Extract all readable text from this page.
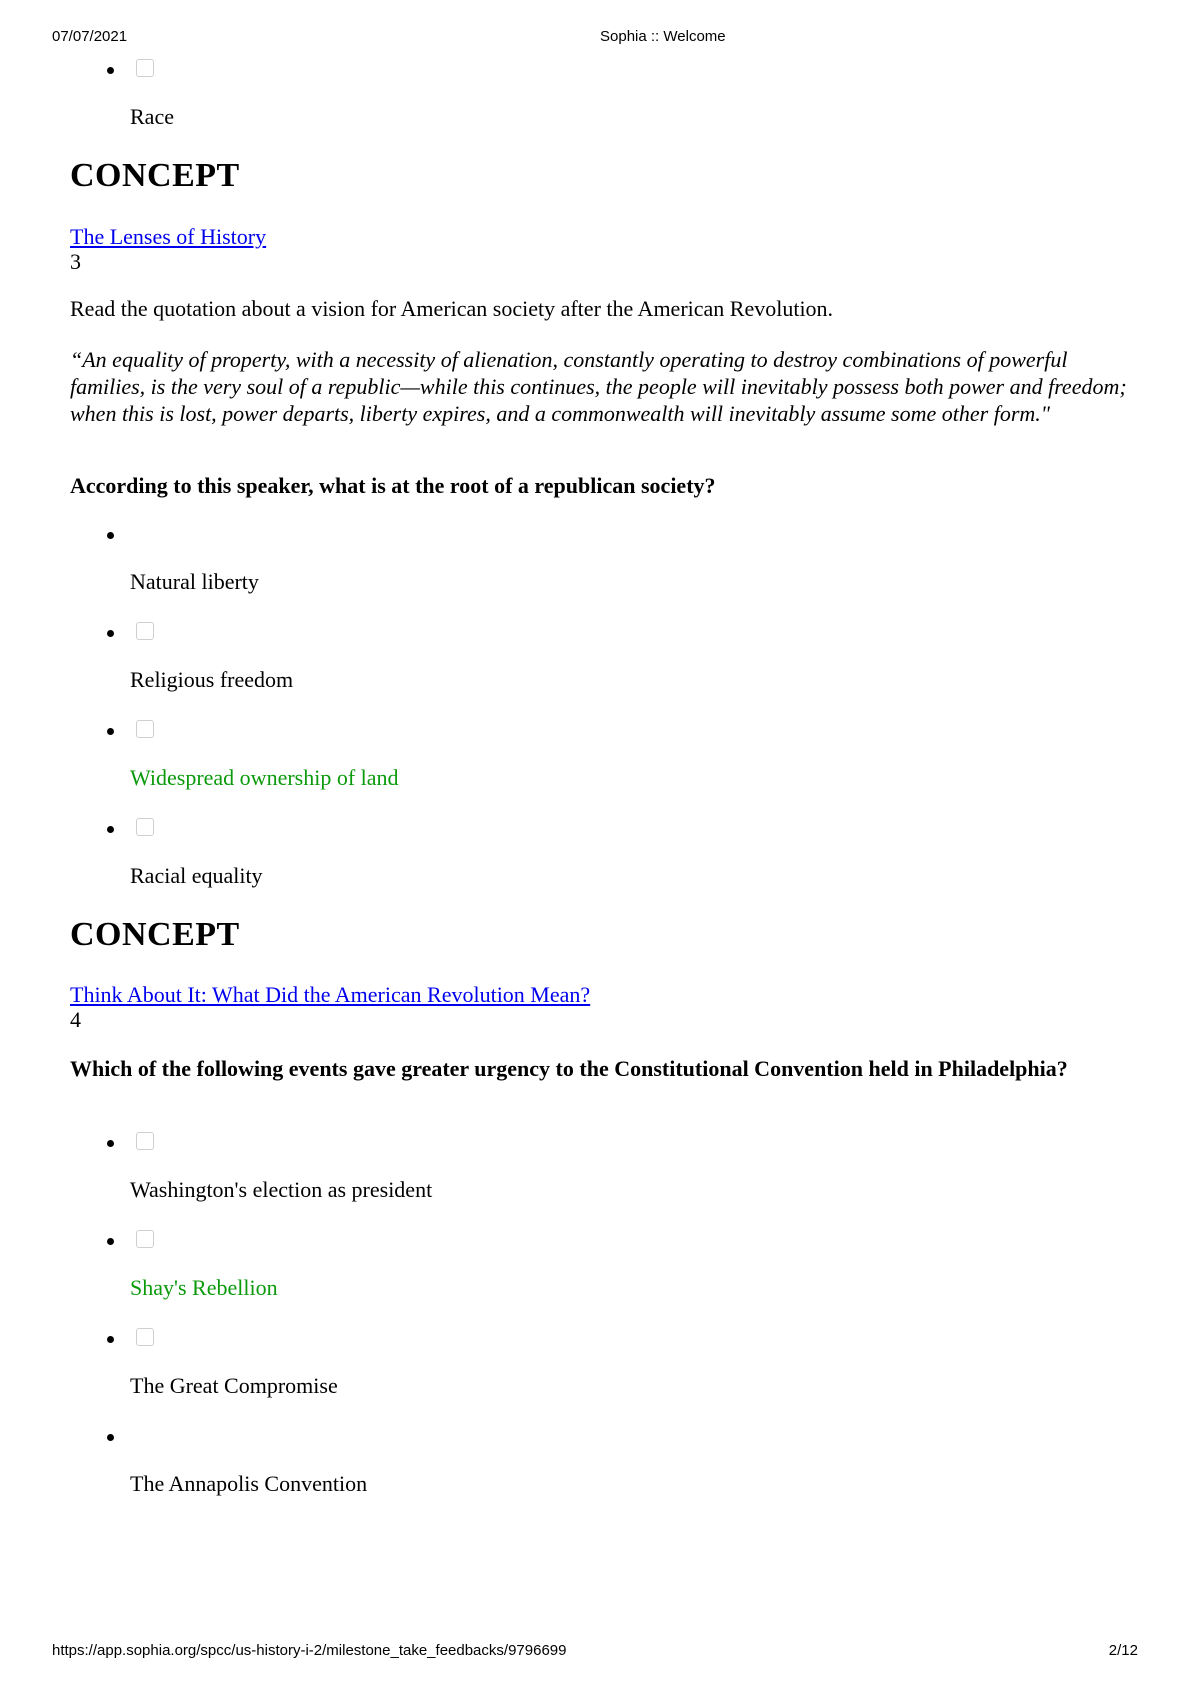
07/07/2021	Sophia :: Welcome
Race
CONCEPT
The Lenses of History
3
Read the quotation about a vision for American society after the American Revolution.
“An equality of property, with a necessity of alienation, constantly operating to destroy combinations of powerful families, is the very soul of a republic—while this continues, the people will inevitably possess both power and freedom; when this is lost, power departs, liberty expires, and a commonwealth will inevitably assume some other form."
According to this speaker, what is at the root of a republican society?
Natural liberty
Religious freedom
Widespread ownership of land
Racial equality
CONCEPT
Think About It: What Did the American Revolution Mean?
4
Which of the following events gave greater urgency to the Constitutional Convention held in Philadelphia?
Washington's election as president
Shay's Rebellion
The Great Compromise
The Annapolis Convention
https://app.sophia.org/spcc/us-history-i-2/milestone_take_feedbacks/9796699	2/12
